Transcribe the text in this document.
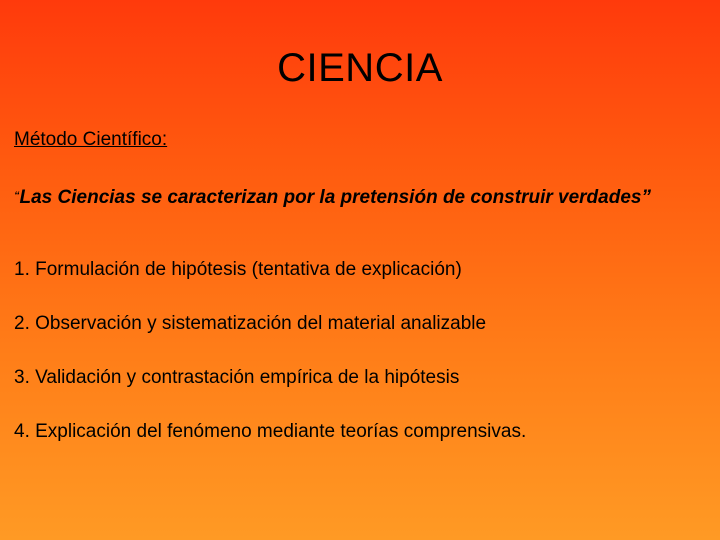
CIENCIA
Método Científico:
“Las Ciencias se caracterizan por la pretensión de construir verdades”
1. Formulación de hipótesis (tentativa de explicación)
2. Observación y sistematización del material analizable
3. Validación y contrastación empírica de la hipótesis
4. Explicación del fenómeno mediante teorías comprensivas.
